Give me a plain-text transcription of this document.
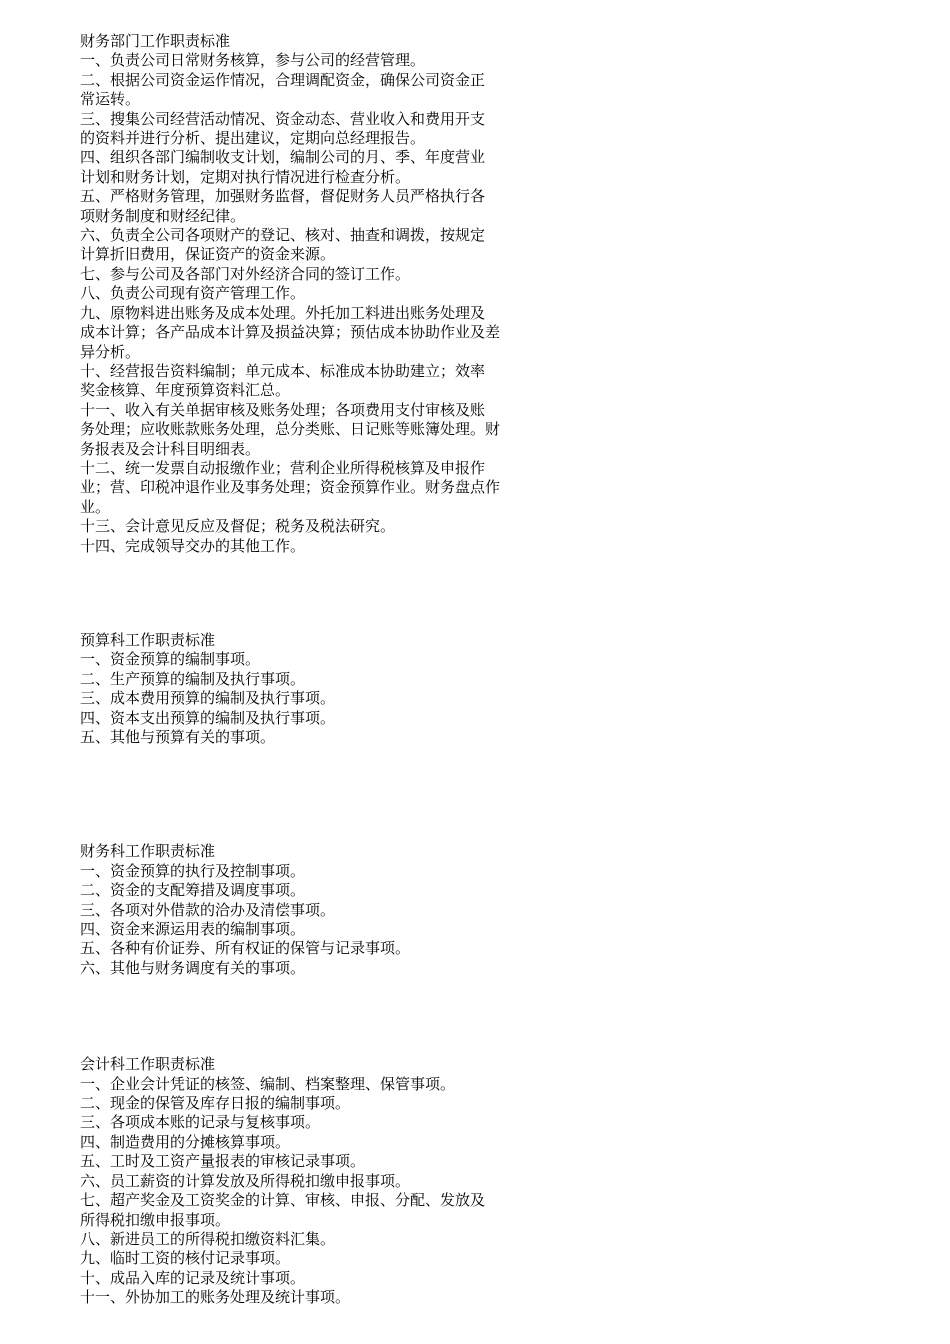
财务部门工作职责标准

一、负责公司日常财务核算，参与公司的经营管理。

二、根据公司资金运作情况，合理调配资金，确保公司资金正

常运转。

三、搜集公司经营活动情况、资金动态、营业收入和费用开支

的资料并进行分析、提出建议，定期向总经理报告。

四、组织各部门编制收支计划，编制公司的月、季、年度营业

计划和财务计划，定期对执行情况进行检查分析。

五、严格财务管理，加强财务监督，督促财务人员严格执行各

项财务制度和财经纪律。

六、负责全公司各项财产的登记、核对、抽查和调拨，按规定

计算折旧费用，保证资产的资金来源。

七、参与公司及各部门对外经济合同的签订工作。

八、负责公司现有资产管理工作。

九、原物料进出账务及成本处理。外托加工料进出账务处理及

成本计算；各产品成本计算及损益决算；预估成本协助作业及差

异分析。

十、经营报告资料编制；单元成本、标准成本协助建立；效率

奖金核算、年度预算资料汇总。

十一、收入有关单据审核及账务处理；各项费用支付审核及账

务处理；应收账款账务处理，总分类账、日记账等账簿处理。财

务报表及会计科目明细表。

十二、统一发票自动报缴作业；营利企业所得税核算及申报作

业；营、印税冲退作业及事务处理；资金预算作业。财务盘点作

业。

十三、会计意见反应及督促；税务及税法研究。

十四、完成领导交办的其他工作。

预算科工作职责标准

一、资金预算的编制事项。

二、生产预算的编制及执行事项。

三、成本费用预算的编制及执行事项。

四、资本支出预算的编制及执行事项。

五、其他与预算有关的事项。

财务科工作职责标准

一、资金预算的执行及控制事项。

二、资金的支配筹措及调度事项。

三、各项对外借款的洽办及清偿事项。

四、资金来源运用表的编制事项。

五、各种有价证券、所有权证的保管与记录事项。

六、其他与财务调度有关的事项。

会计科工作职责标准

一、企业会计凭证的核签、编制、档案整理、保管事项。

二、现金的保管及库存日报的编制事项。

三、各项成本账的记录与复核事项。

四、制造费用的分摊核算事项。

五、工时及工资产量报表的审核记录事项。

六、员工薪资的计算发放及所得税扣缴申报事项。

七、超产奖金及工资奖金的计算、审核、申报、分配、发放及

所得税扣缴申报事项。

八、新进员工的所得税扣缴资料汇集。

九、临时工资的核付记录事项。

十、成品入库的记录及统计事项。

十一、外协加工的账务处理及统计事项。
